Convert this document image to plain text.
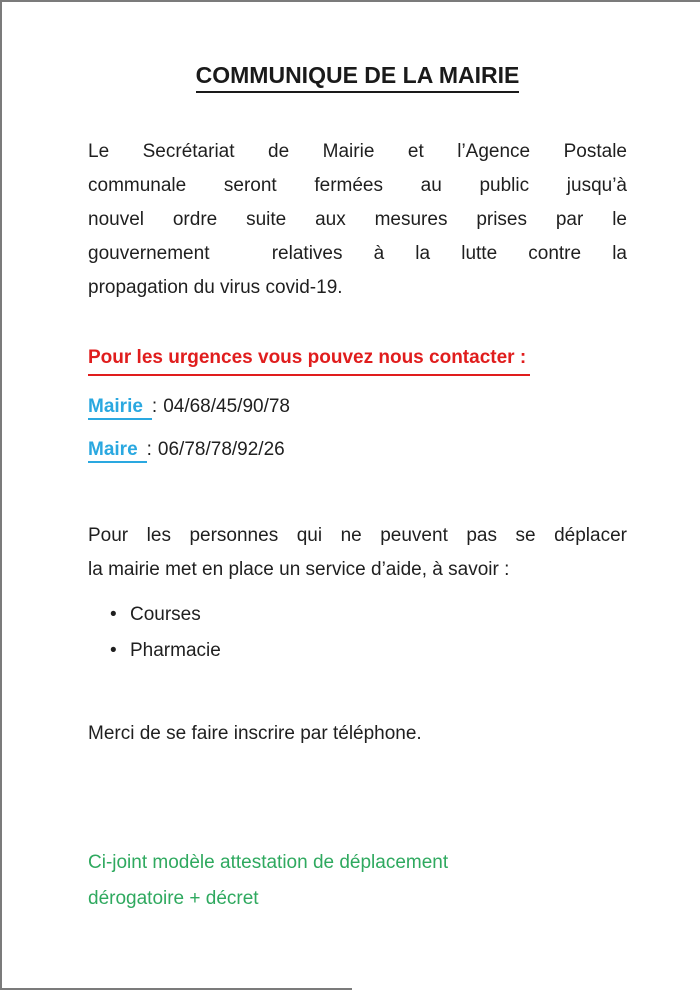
COMMUNIQUE DE LA MAIRIE
Le Secrétariat de Mairie et l’Agence Postale
communale seront fermées au public jusqu’à
nouvel ordre suite aux mesures prises par le
gouvernement  relatives à la lutte contre la
propagation du virus covid-19.
Pour les urgences vous pouvez nous contacter :
Mairie : 04/68/45/90/78
Maire : 06/78/78/92/26
Pour les personnes qui ne peuvent pas se déplacer
la mairie met en place un service d’aide, à savoir :
• Courses
• Pharmacie
Merci de se faire inscrire par téléphone.
Ci-joint modèle attestation de déplacement
dérogatoire + décret
